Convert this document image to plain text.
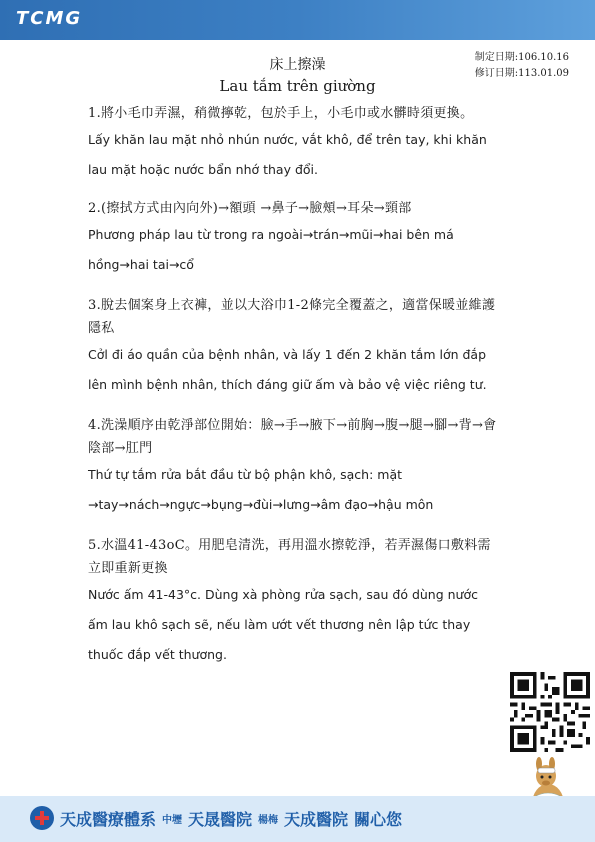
TCMG
制定日期:106.10.16
修订日期:113.01.09
床上擦澡
Lau tắm trên giường
1.將小毛巾弄濕，稍微擰乾，包於手上，小毛巾或水髒時須更換。
Lấy khăn lau mặt nhỏ nhún nước, vắt khô, để trên tay, khi khăn lau mặt hoặc nước bẩn nhớ thay đổi.
2.(擦拭方式由內向外)→額頭 →鼻子→臉頰→耳朵→頸部
Phương pháp lau từ trong ra ngoài→trán→mũi→hai bên má hồng→hai tai→cổ
3.脫去個案身上衣褲，並以大浴巾1-2條完全覆蓋之，適當保暖並維護隱私
Cởl đi áo quần của bệnh nhân, và lấy 1 đến 2 khăn tắm lớn đắp lên mình bệnh nhân, thích đáng giữ ấm và bảo vệ việc riêng tư.
4.洗澡順序由乾淨部位開始：臉→手→腋下→前胸→腹→腿→腳→背→會陰部→肛門
Thứ tự tắm rửa bắt đầu từ bộ phận khô, sạch: mặt →tay→nách→ngực→bụng→đùi→lưng→âm đạo→hậu môn
5.水溫41-43oC。用肥皂清洗，再用溫水擦乾淨，若弄濕傷口敷料需立即重新更換
Nước ấm 41-43°c. Dùng xà phòng rửa sạch, sau đó dùng nước ấm lau khô sạch sẽ, nếu làm ướt vết thương nên lập tức thay thuốc đắp vết thương.
天成醫療體系 中壢 天晟醫院 楊梅 天成醫院 關心您
